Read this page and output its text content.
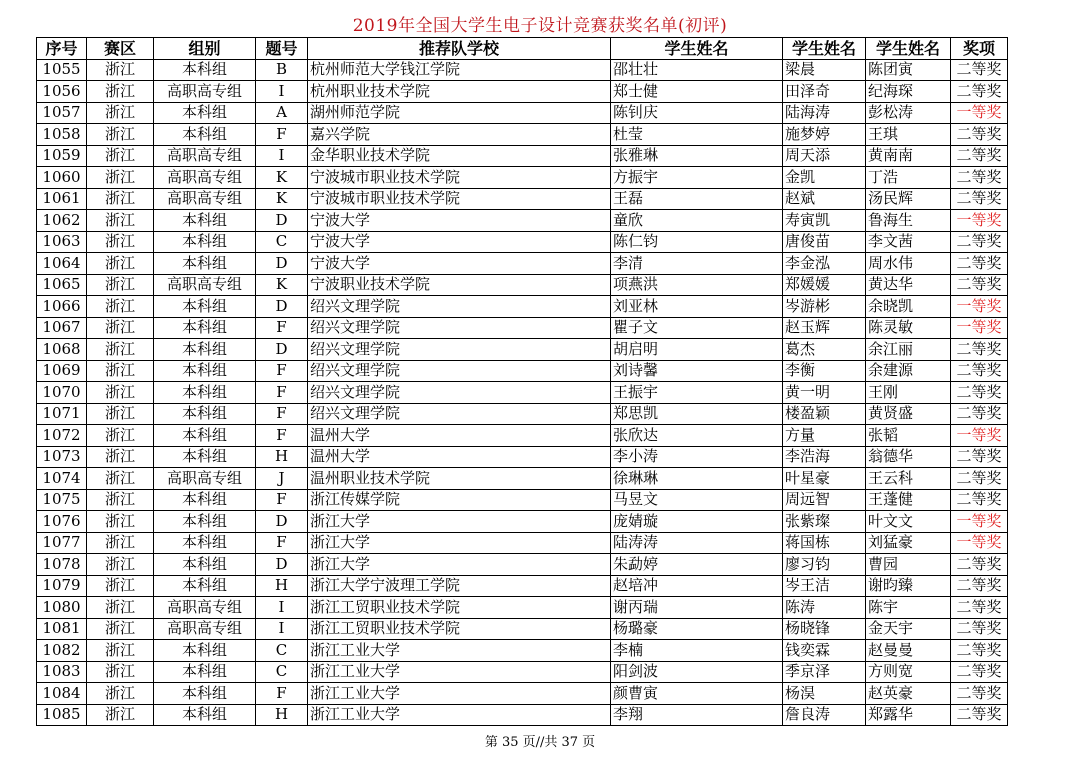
2019年全国大学生电子设计竞赛获奖名单(初评)
序号	赛区	组别	题号	推荐队学校	学生姓名	学生姓名	学生姓名	奖项
1055	浙江	本科组	B	杭州师范大学钱江学院	邵壮壮	梁晨	陈团寅	二等奖
1056	浙江	高职高专组	I	杭州职业技术学院	郑士健	田泽奇	纪海琛	二等奖
1057	浙江	本科组	A	湖州师范学院	陈钊庆	陆海涛	彭松涛	一等奖
1058	浙江	本科组	F	嘉兴学院	杜莹	施梦婷	王琪	二等奖
1059	浙江	高职高专组	I	金华职业技术学院	张雅琳	周天添	黄南南	二等奖
1060	浙江	高职高专组	K	宁波城市职业技术学院	方振宇	金凯	丁浩	二等奖
1061	浙江	高职高专组	K	宁波城市职业技术学院	王磊	赵斌	汤民辉	二等奖
1062	浙江	本科组	D	宁波大学	童欣	寿寅凯	鲁海生	一等奖
1063	浙江	本科组	C	宁波大学	陈仁钧	唐俊苗	李文茜	二等奖
1064	浙江	本科组	D	宁波大学	李清	李金泓	周水伟	二等奖
1065	浙江	高职高专组	K	宁波职业技术学院	项燕洪	郑媛媛	黄达华	二等奖
1066	浙江	本科组	D	绍兴文理学院	刘亚林	岑游彬	余晓凯	一等奖
1067	浙江	本科组	F	绍兴文理学院	瞿子文	赵玉辉	陈灵敏	一等奖
1068	浙江	本科组	D	绍兴文理学院	胡启明	葛杰	余江丽	二等奖
1069	浙江	本科组	F	绍兴文理学院	刘诗馨	李衡	余建源	二等奖
1070	浙江	本科组	F	绍兴文理学院	王振宇	黄一明	王刚	二等奖
1071	浙江	本科组	F	绍兴文理学院	郑思凯	楼盈颖	黄贤盛	二等奖
1072	浙江	本科组	F	温州大学	张欣达	方量	张韬	一等奖
1073	浙江	本科组	H	温州大学	李小涛	李浩海	翁德华	二等奖
1074	浙江	高职高专组	J	温州职业技术学院	徐琳琳	叶星豪	王云科	二等奖
1075	浙江	本科组	F	浙江传媒学院	马昱文	周远智	王蓬健	二等奖
1076	浙江	本科组	D	浙江大学	庞婧璇	张紫璨	叶文文	一等奖
1077	浙江	本科组	F	浙江大学	陆涛涛	蒋国栋	刘猛豪	一等奖
1078	浙江	本科组	D	浙江大学	朱勐婷	廖习钧	曹园	二等奖
1079	浙江	本科组	H	浙江大学宁波理工学院	赵培冲	岑王洁	谢昀臻	二等奖
1080	浙江	高职高专组	I	浙江工贸职业技术学院	谢丙瑞	陈涛	陈宇	二等奖
1081	浙江	高职高专组	I	浙江工贸职业技术学院	杨璐豪	杨晓锋	金天宇	二等奖
1082	浙江	本科组	C	浙江工业大学	李楠	钱奕霖	赵曼曼	二等奖
1083	浙江	本科组	C	浙江工业大学	阳剑波	季京泽	方则宽	二等奖
1084	浙江	本科组	F	浙江工业大学	颜曹寅	杨淏	赵英豪	二等奖
1085	浙江	本科组	H	浙江工业大学	李翔	詹良涛	郑露华	二等奖
第 35 页//共 37 页
